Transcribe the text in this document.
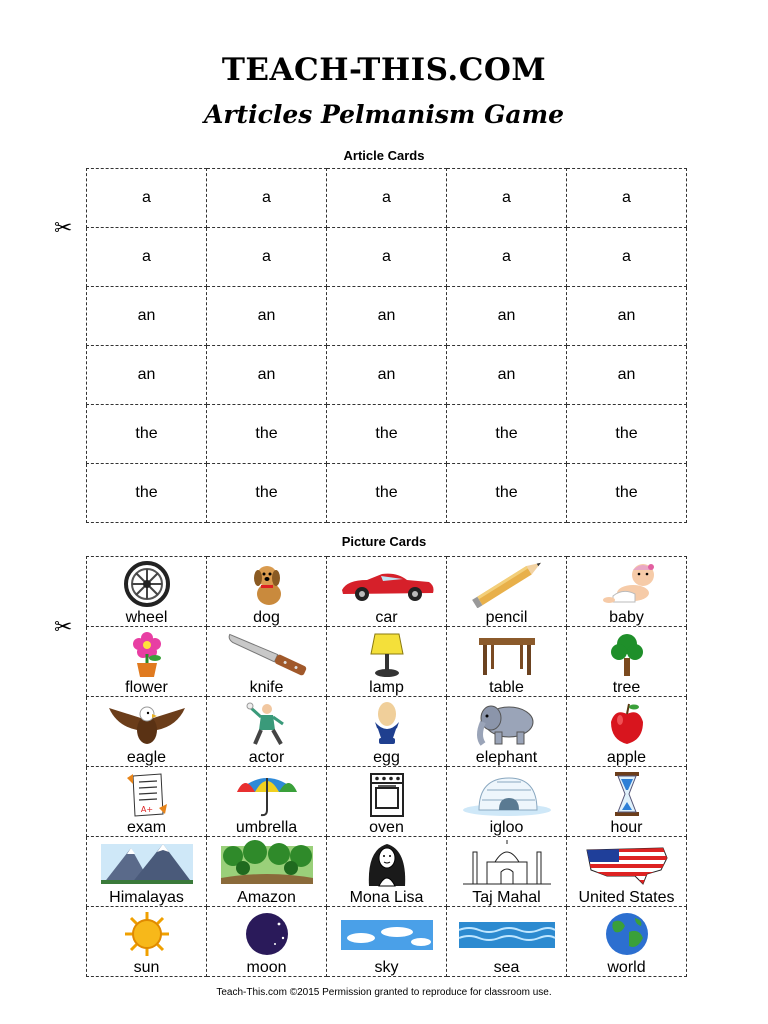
TEACH-THIS.COM
Articles Pelmanism Game
Article Cards
✂
a	a	a	a	a
a	a	a	a	a
an	an	an	an	an
an	an	an	an	an
the	the	the	the	the
the	the	the	the	the
Picture Cards
✂	wheel	dog	car	pencil	baby

flower	knife	lamp	table	tree

eagle	actor	egg	elephant	apple

A+
exam	umbrella	oven	igloo	hour

Himalayas	Amazon	Mona Lisa	Taj Mahal	United States

sun	moon	sky	sea	world
Teach-This.com ©2015 Permission granted to reproduce for classroom use.
